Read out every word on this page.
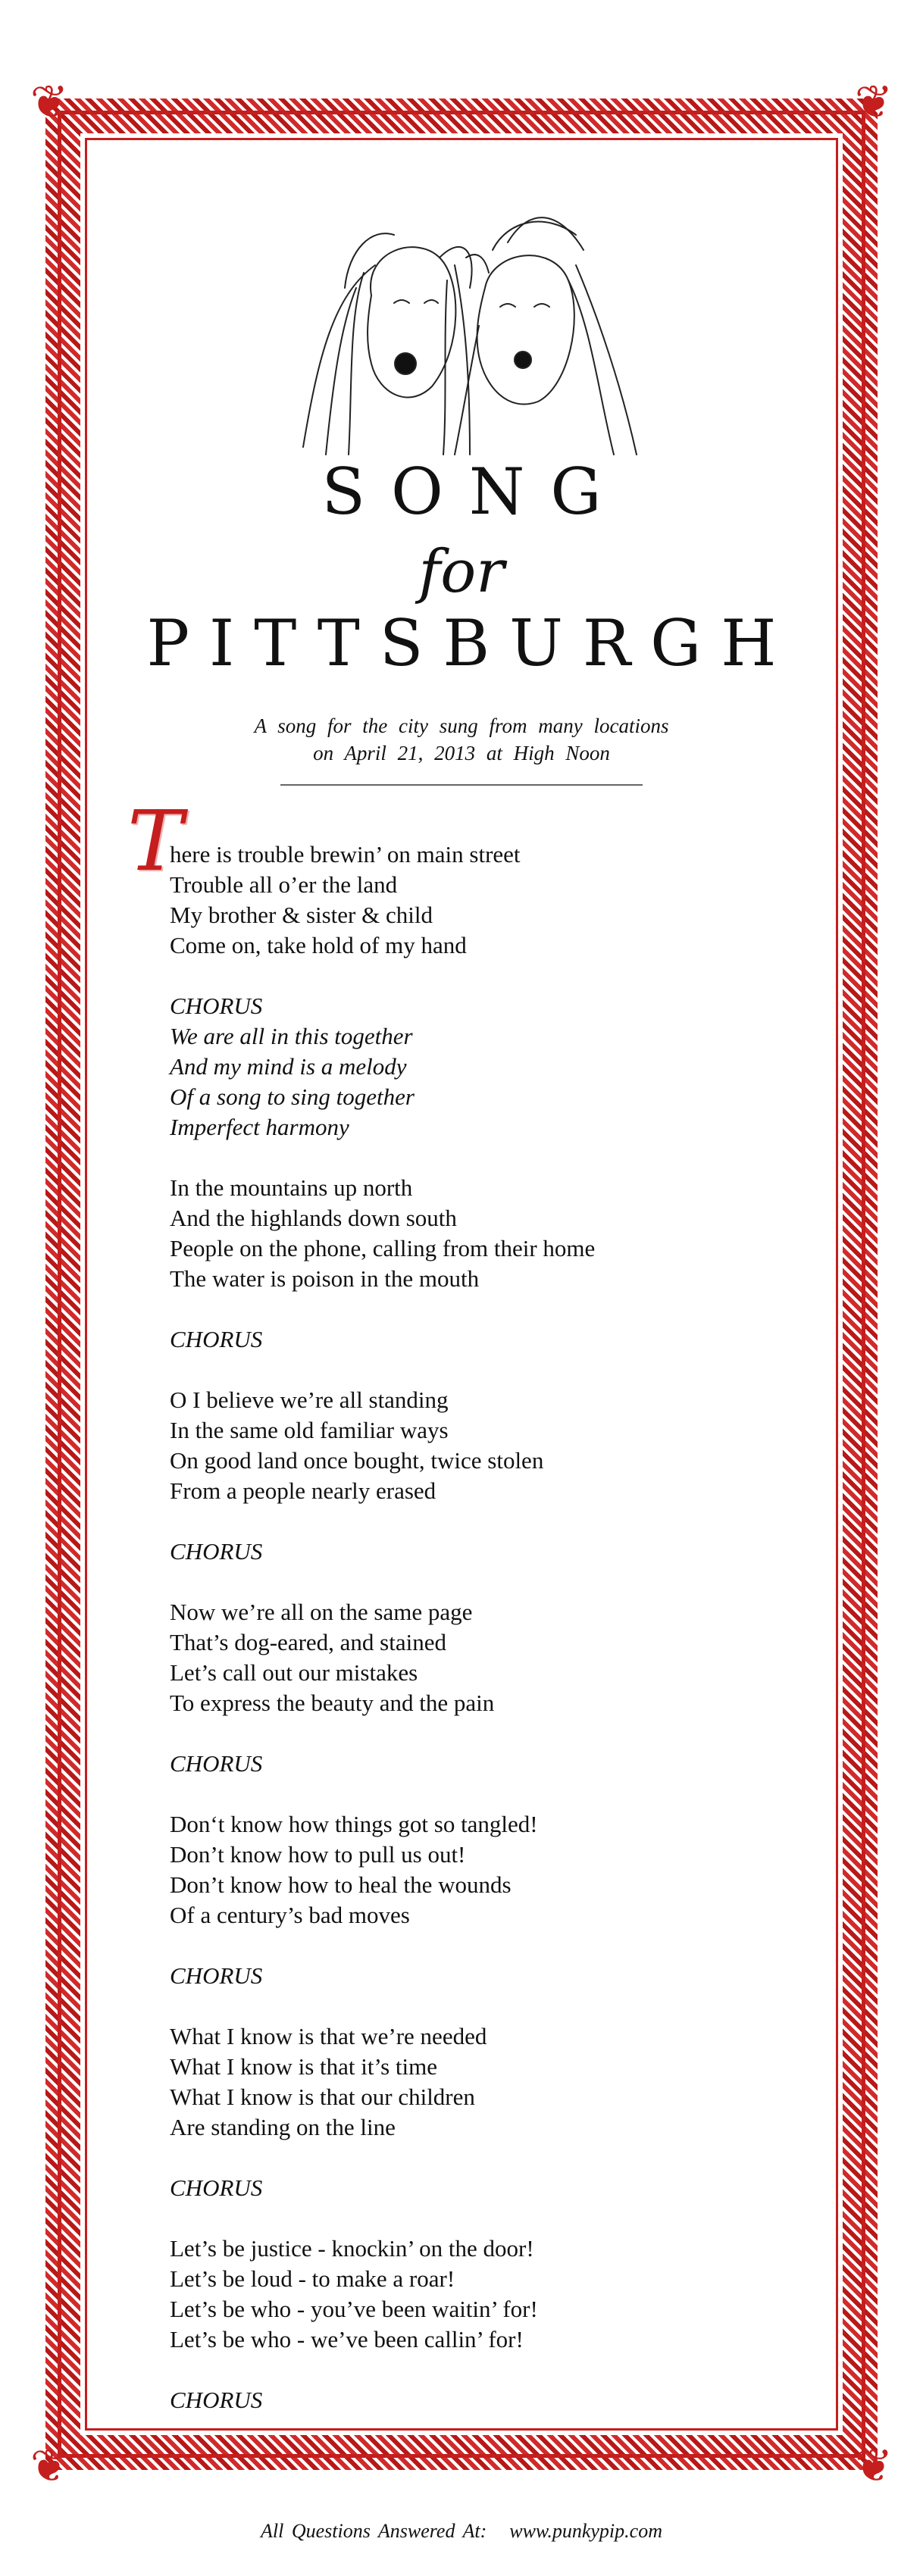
❦	❦
❦	❦
SONG
for
PITTSBURGH
A song for the city sung from many locations
on April 21, 2013 at High Noon
T
here is trouble brewin’ on main street
Trouble all o’er the land
My brother & sister & child
Come on, take hold of my hand
CHORUS
We are all in this together
And my mind is a melody
Of a song to sing together
Imperfect harmony
In the mountains up north
And the highlands down south
People on the phone, calling from their home
The water is poison in the mouth
CHORUS
O I believe we’re all standing
In the same old familiar ways
On good land once bought, twice stolen
From a people nearly erased
CHORUS
Now we’re all on the same page
That’s dog-eared, and stained
Let’s call out our mistakes
To express the beauty and the pain
CHORUS
Don‘t know how things got so tangled!
Don’t know how to pull us out!
Don’t know how to heal the wounds
Of a century’s bad moves
CHORUS
What I know is that we’re needed
What I know is that it’s time
What I know is that our children
Are standing on the line
CHORUS
Let’s be justice - knockin’ on the door!
Let’s be loud - to make a roar!
Let’s be who - you’ve been waitin’ for!
Let’s be who - we’ve been callin’ for!
CHORUS
All Questions Answered At: www.punkypip.com
